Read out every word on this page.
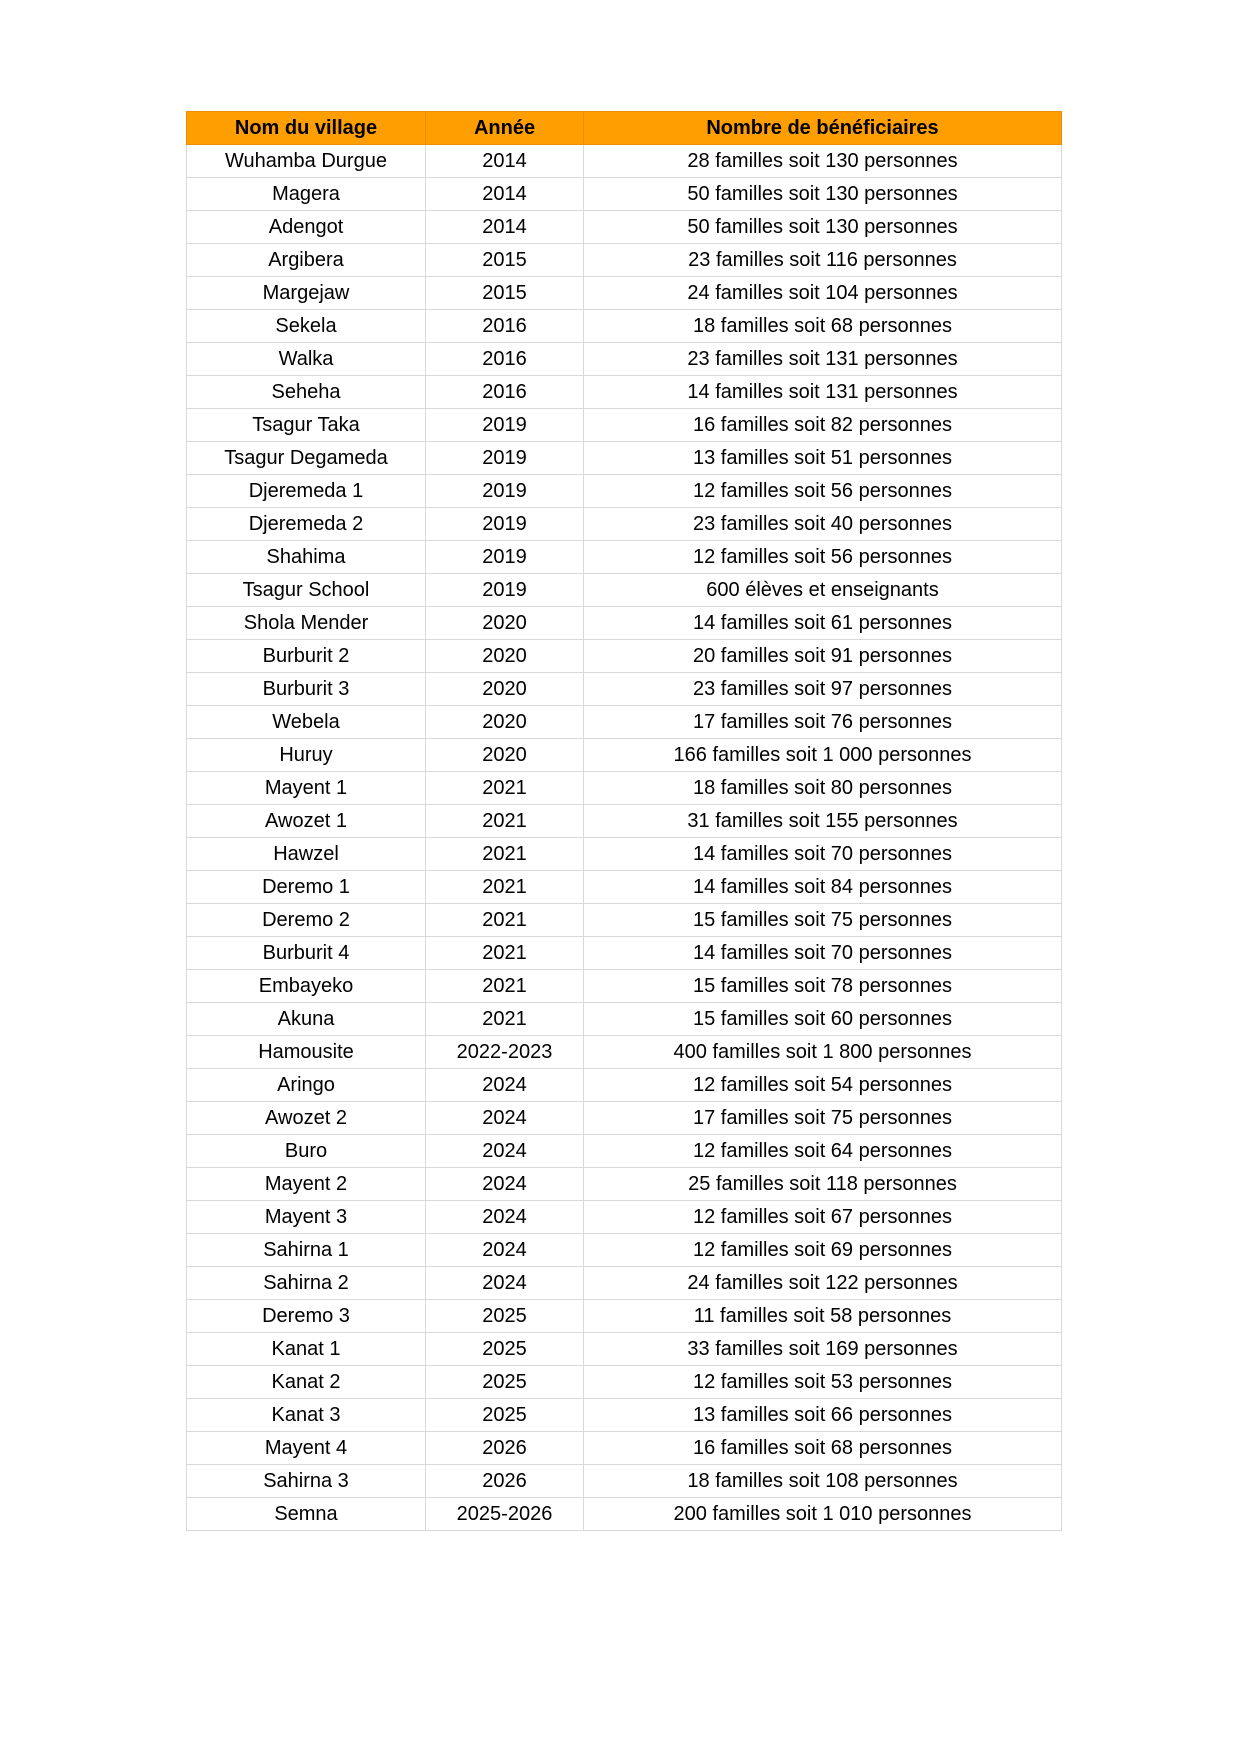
Nom du village	Année	Nombre de bénéficiaires
Wuhamba Durgue	2014	28 familles soit 130 personnes
Magera	2014	50 familles soit 130 personnes
Adengot	2014	50 familles soit 130 personnes
Argibera	2015	23 familles soit 116 personnes
Margejaw	2015	24 familles soit 104 personnes
Sekela	2016	18 familles soit 68 personnes
Walka	2016	23 familles soit 131 personnes
Seheha	2016	14 familles soit 131 personnes
Tsagur Taka	2019	16 familles soit 82 personnes
Tsagur Degameda	2019	13 familles soit 51 personnes
Djeremeda 1	2019	12 familles soit 56 personnes
Djeremeda 2	2019	23 familles soit 40 personnes
Shahima	2019	12 familles soit 56 personnes
Tsagur School	2019	600 élèves et enseignants
Shola Mender	2020	14 familles soit 61 personnes
Burburit 2	2020	20 familles soit 91 personnes
Burburit 3	2020	23 familles soit 97 personnes
Webela	2020	17 familles soit 76 personnes
Huruy	2020	166 familles soit 1 000 personnes
Mayent 1	2021	18 familles soit 80 personnes
Awozet 1	2021	31 familles soit 155 personnes
Hawzel	2021	14 familles soit 70 personnes
Deremo 1	2021	14 familles soit 84 personnes
Deremo 2	2021	15 familles soit 75 personnes
Burburit 4	2021	14 familles soit 70 personnes
Embayeko	2021	15 familles soit 78 personnes
Akuna	2021	15 familles soit 60 personnes
Hamousite	2022-2023	400 familles soit 1 800 personnes
Aringo	2024	12 familles soit 54 personnes
Awozet 2	2024	17 familles soit 75 personnes
Buro	2024	12 familles soit 64 personnes
Mayent 2	2024	25 familles soit 118 personnes
Mayent 3	2024	12 familles soit 67 personnes
Sahirna 1	2024	12 familles soit 69 personnes
Sahirna 2	2024	24 familles soit 122 personnes
Deremo 3	2025	11 familles soit 58 personnes
Kanat 1	2025	33 familles soit 169 personnes
Kanat 2	2025	12 familles soit 53 personnes
Kanat 3	2025	13 familles soit 66 personnes
Mayent 4	2026	16 familles soit 68 personnes
Sahirna 3	2026	18 familles soit 108 personnes
Semna	2025-2026	200 familles soit 1 010 personnes
